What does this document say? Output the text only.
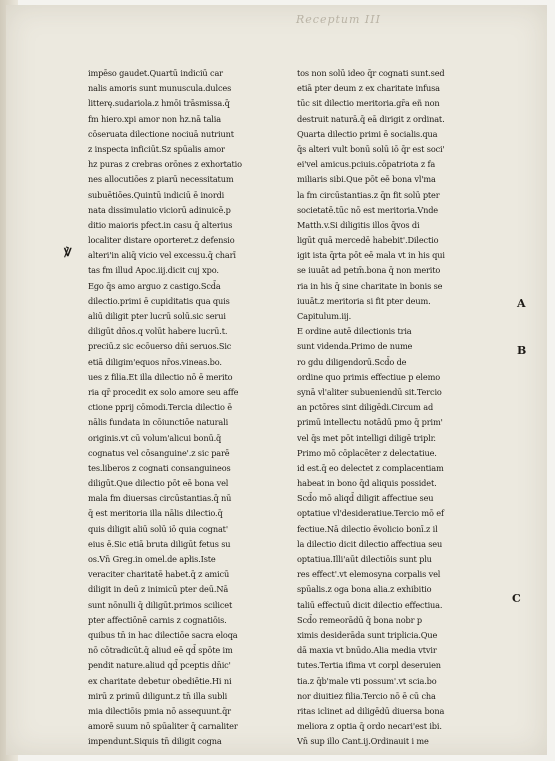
Receptum III
impēso gaudet.Quartū indiciū car
nalis amoris sunt munuscula.dulces
litterę.sudariola.z hmōi trāsmissa.q̄
fm hiero.xpi amor non hz.nā talia
cōseruata dilectione nociuā nutriunt
z inspecta inficiūt.Sz spūalis amor
hz puras z crebras orōnes z exhortatio
nes allocutiōes z piarū necessitatum
subuētiōes.Quintū indiciū ē inordi
nata dissimulatio viciorū adinuicē.p
ditio maioris pfect.in casu q̄ alterius
localiter distare oporteret.z defensio
alteri'in aliq̄ vicio vel excessu.q̄ charī
tas fm illud Apoc.iij.dicit cuj xpo.
Ego q̄s amo arguo z castigo.Scd̄a
dilectio.primi ē cupiditatis qua quis
aliū diligit pter lucrū solū.sic serui
diligūt dn̄os.q volūt habere lucrū.t.
preciū.z sic ecōuerso dn̄i seruos.Sic
etiā diligim'equos nr̄os.vineas.bo.
ues z fili̇a.Et illa dilectio nō ē merito
ria qr̄ procedit ex solo amore seu affe
ctione pprij cōmodi.Tercia dilectio ē
nālis fundata in cōiunctiōe naturali
originis.vt cū volum'alicui bonū.q̄
cognatus vel cōsanguine'.z sic parē
tes.liberos z cognati consanguineos
diligūt.Que dilectio pōt eē bona vel
mala fm diuersas circūstantias.q̄ nū
q̄ est meritoria illa nālis dilectio.q̄
quis diligit aliū solū iō quia cognat'
eius ē.Sic etiā bruta diligūt fetus su
os.Vn̄ Greg.in omel.de apłis.Iste
veraciter charitatē habet.q̄ z amicū
diligit in deū z inimicū pter deū.Nā
sunt nōnulli q̄ diligūt.primos scilicet
pter affectiōnē carnis z cognatiōis.
quibus tn̄ in hac dilectiōe sacra eloqa
nō cōtradicūt.q̄ aliud eē qd̄ spōte im
pendit nature.aliud qd̄ pceptis dn̄ic'
ex charitate debetur obediētie.Hi ni
mirū z primū diligunt.z tn̄ illa subli
mia dilectiōis pmia nō assequunt.q̄r
amorē suum nō spūaliter q̄ carnaliter
impendunt.Siquis tn̄ diligit cogna
tos non solū ideo q̄r cognati sunt.sed
etiā pter deum z ex charitate infusa
tūc sit dilectio meritoria.gr̄a eñ non
destruit naturā.q̄ eā dirigit z ordinat.
Quarta dilectio primi ē socialis.qua
q̄s alteri vult bonū solū iō q̄r est soci'
ei'vel amicus.pciuis.cōpatriota z fa
miliaris sibi.Que pōt eē bona vl'ma
la fm circūstantias.z q̄n fit solū pter
societatē.tūc nō est meritoria.Vnde
Matth.v.Si diligitis illos q̄vos di
ligūt quā mercedē habebit'.Dilectio
igit ista q̄rta pōt eē mala vt in his qui
se iuuāt ad petm̄.bona q̄ non merito
ria in his q̄ sine charitate in bonis se
iuuāt.z meritoria si fit pter deum.
Capitulum.iij.
E ordine autē dilectionis tria
sunt videnda.Primo de nume
ro gdu diligendorū.Scd̄o de
ordine quo primis effectiue p elemo
synā vl'aliter subueniendū sit.Tercio
an pctōres sint diligēdi.Circum ad
primū intellectu notādū pmo q̄ prim'
vel q̄s met pōt intelligi diligē triplr.
Primo mō cōplacēter z delectatiue.
id est.q̄ eo delectet z complacentiam
habeat in bono q̄d aliquis possidet.
Scd̄o mō aliqd̄ diligit affectiue seu
optatiue vl'desideratiue.Tercio mō ef
fectiue.Nā dilectio ēvolicio bonī.z il
la dilectio dicit dilectio affectiua seu
optatiua.Illi'aūt dilectiōis sunt plu
res effect'.vt elemosyna corpalis vel
spūalis.z oga bona alia.z exhibitio
taliū effectuū dicit dilectio effectiua.
Scd̄o remeorādū q̄ bona nobr p
ximis desiderāda sunt triplicia.Que
dā maxia vt bnūdo.Alia media vtvir
tutes.Tertia ifima vt corpl deseruien
tia.z q̄b'male vti possum'.vt scia.bo
nor diuitiez filia.Tercio nō ē cū cha
ritas iclinet ad diligēdū diuersa bona
meliora z optia q̄ ordo necari'est ibi.
Vn̄ sup illo Cant.ij.Ordinauit i me
℣
A
B
C
